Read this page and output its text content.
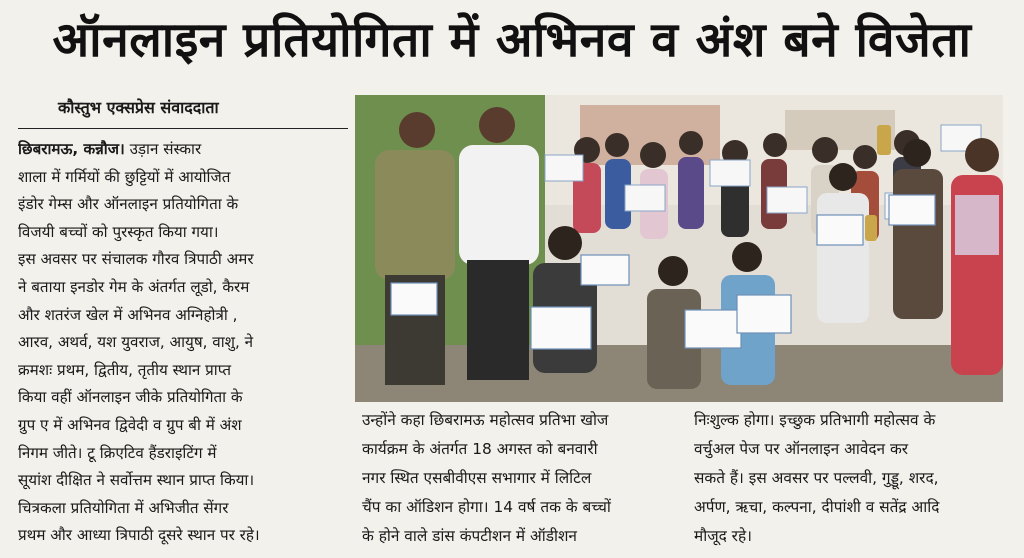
ऑनलाइन प्रतियोगिता में अभिनव व अंश बने विजेता
कौस्तुभ एक्सप्रेस संवाददाता
छिबरामऊ, कन्नौज। उड़ान संस्कार
शाला में गर्मियों की छुट्टियों में आयोजित
इंडोर गेम्स और ऑनलाइन प्रतियोगिता के
विजयी बच्चों को पुरस्कृत किया गया।
इस अवसर पर संचालक गौरव त्रिपाठी अमर
ने बताया इनडोर गेम के अंतर्गत लूडो, कैरम
और शतरंज खेल में अभिनव अग्निहोत्री ,
आरव, अथर्व, यश युवराज, आयुष, वाशु, ने
क्रमशः प्रथम, द्वितीय, तृतीय स्थान प्राप्त
किया वहीं ऑनलाइन जीके प्रतियोगिता के
ग्रुप ए में अभिनव द्विवेदी व ग्रुप बी में अंश
निगम जीते। टू क्रिएटिव हैंडराइटिंग में
सूयांश दीक्षित ने सर्वोत्तम स्थान प्राप्त किया।
चित्रकला प्रतियोगिता में अभिजीत सेंगर
प्रथम और आध्या त्रिपाठी दूसरे स्थान पर रहे।
उन्होंने कहा छिबरामऊ महोत्सव प्रतिभा खोज
कार्यक्रम के अंतर्गत 18 अगस्त को बनवारी
नगर स्थित एसबीवीएस सभागार में लिटिल
चैंप का ऑडिशन होगा। 14 वर्ष तक के बच्चों
के होने वाले डांस कंपटीशन में ऑडीशन
निःशुल्क होगा। इच्छुक प्रतिभागी महोत्सव के
वर्चुअल पेज पर ऑनलाइन आवेदन कर
सकते हैं। इस अवसर पर पल्लवी, गुड्डू, शरद,
अर्पण, ऋचा, कल्पना, दीपांशी व सतेंद्र आदि
मौजूद रहे।
